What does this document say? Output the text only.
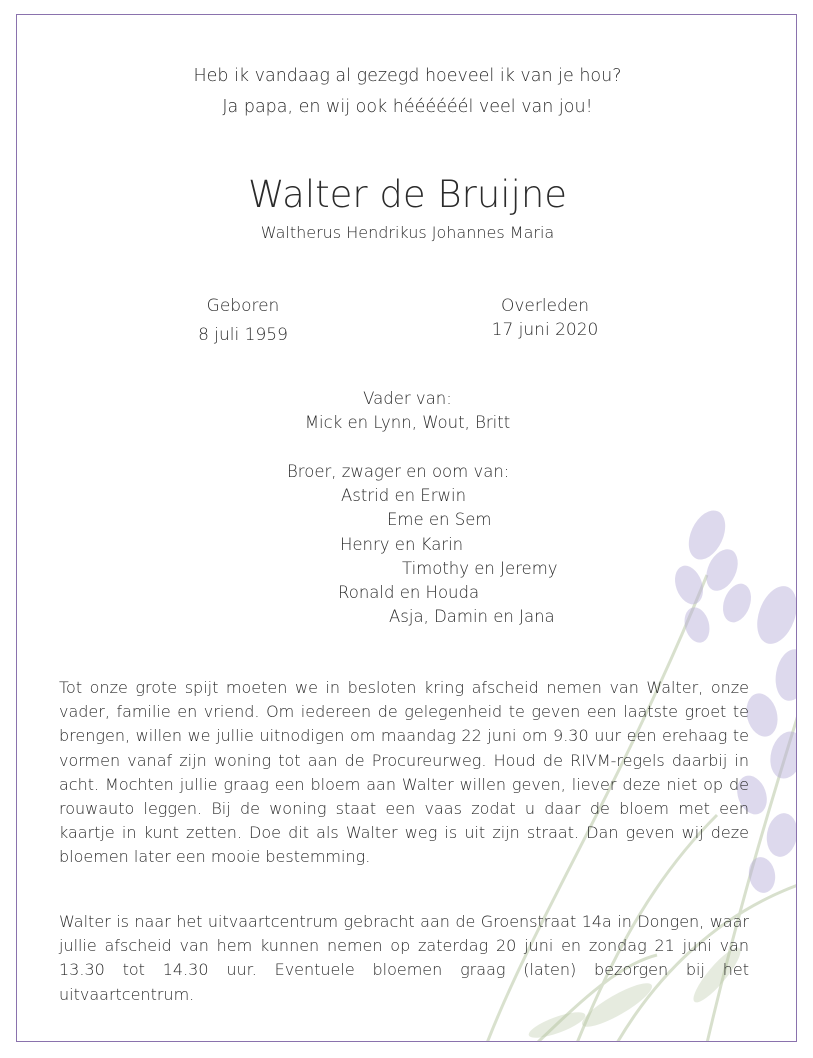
Heb ik vandaag al gezegd hoeveel ik van je hou?
Ja papa, en wij ook héééééél veel van jou!
Walter de Bruijne
Waltherus Hendrikus Johannes Maria
Geboren
8 juli 1959
Overleden
17 juni 2020
Vader van:
Mick en Lynn, Wout, Britt
Broer, zwager en oom van:
Astrid en Erwin
Eme en Sem
Henry en Karin
Timothy en Jeremy
Ronald en Houda
Asja, Damin en Jana
Tot onze grote spijt moeten we in besloten kring afscheid nemen van Walter, onze vader, familie en vriend. Om iedereen de gelegenheid te geven een laatste groet te brengen, willen we jullie uitnodigen om maandag 22 juni om 9.30 uur een erehaag te vormen vanaf zijn woning tot aan de Procureurweg. Houd de RIVM-regels daarbij in acht. Mochten jullie graag een bloem aan Walter willen geven, liever deze niet op de rouwauto leggen. Bij de woning staat een vaas zodat u daar de bloem met een kaartje in kunt zetten. Doe dit als Walter weg is uit zijn straat. Dan geven wij deze bloemen later een mooie bestemming.
Walter is naar het uitvaartcentrum gebracht aan de Groenstraat 14a in Dongen, waar jullie afscheid van hem kunnen nemen op zaterdag 20 juni en zondag 21 juni van 13.30 tot 14.30 uur. Eventuele bloemen graag (laten) bezorgen bij het uitvaartcentrum.
